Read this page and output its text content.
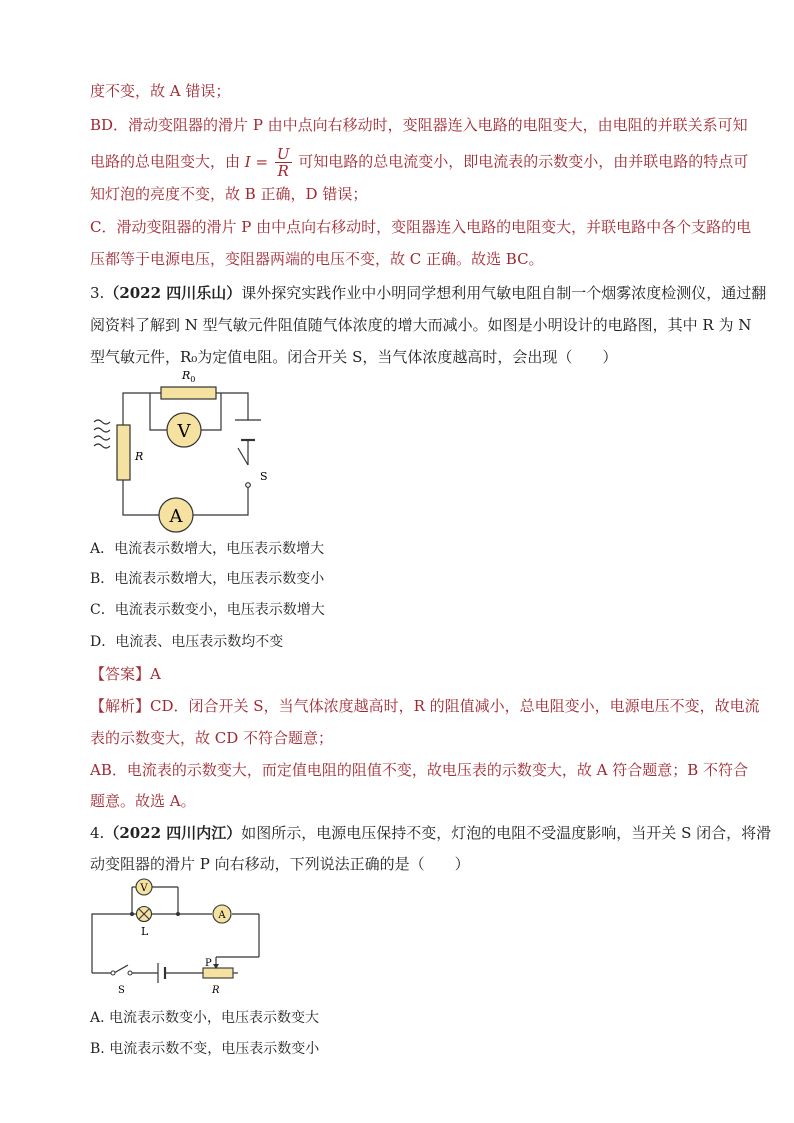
度不变，故 A 错误；
BD．滑动变阻器的滑片 P 由中点向右移动时，变阻器连入电路的电阻变大，由电阻的并联关系可知
电路的总电阻变大，由 $I = \frac{U}{R}$ 可知电路的总电流变小，即电流表的示数变小，由并联电路的特点可
知灯泡的亮度不变，故 B 正确，D 错误；
C．滑动变阻器的滑片 P 由中点向右移动时，变阻器连入电路的电阻变大，并联电路中各个支路的电
压都等于电源电压，变阻器两端的电压不变，故 C 正确。故选 BC。
3.（2022 四川乐山）课外探究实践作业中小明同学想利用气敏电阻自制一个烟雾浓度检测仪，通过翻
阅资料了解到 N 型气敏元件阻值随气体浓度的增大而减小。如图是小明设计的电路图，其中 R 为 N
型气敏元件，R₀为定值电阻。闭合开关 S，当气体浓度越高时，会出现（　　）
$R_0$
V
R
S
A
A．电流表示数增大，电压表示数增大
B．电流表示数增大，电压表示数变小
C．电流表示数变小，电压表示数增大
D．电流表、电压表示数均不变
【答案】A
【解析】CD．闭合开关 S，当气体浓度越高时，R 的阻值减小，总电阻变小，电源电压不变，故电流
表的示数变大，故 CD 不符合题意；
AB．电流表的示数变大，而定值电阻的阻值不变，故电压表的示数变大，故 A 符合题意；B 不符合
题意。故选 A。
4.（2022 四川内江）如图所示，电源电压保持不变，灯泡的电阻不受温度影响，当开关 S 闭合，将滑
动变阻器的滑片 P 向右移动，下列说法正确的是（　　）
V
L
A
P
R
S
A. 电流表示数变小，电压表示数变大
B. 电流表示数不变，电压表示数变小
